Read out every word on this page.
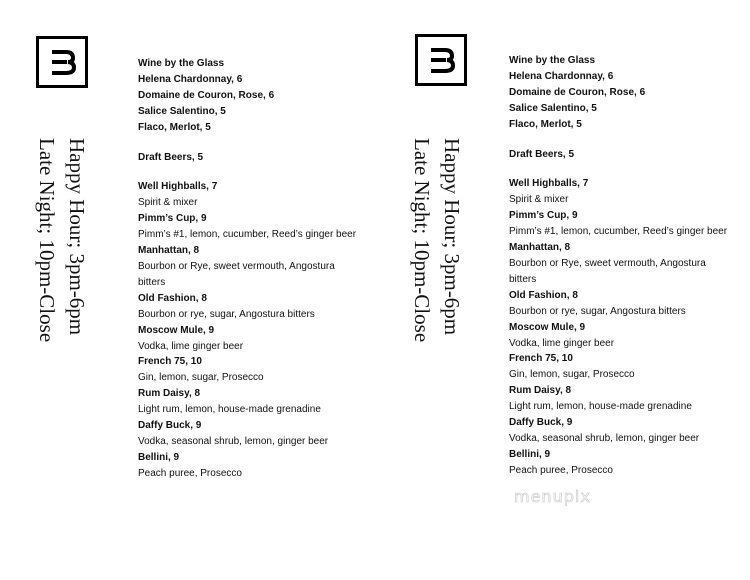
Happy Hour; 3pm-6pm
Late Night; 10pm-Close
Wine by the Glass
Helena Chardonnay, 6
Domaine de Couron, Rose, 6
Salice Salentino, 5
Flaco, Merlot, 5
Draft Beers, 5
Well Highballs, 7
Spirit & mixer
Pimm’s Cup, 9
Pimm’s #1, lemon, cucumber, Reed’s ginger beer
Manhattan, 8
Bourbon or Rye, sweet vermouth, Angostura bitters
Old Fashion, 8
Bourbon or rye, sugar, Angostura bitters
Moscow Mule, 9
Vodka, lime ginger beer
French 75, 10
Gin, lemon, sugar, Prosecco
Rum Daisy, 8
Light rum, lemon, house-made grenadine
Daffy Buck, 9
Vodka, seasonal shrub, lemon, ginger beer
Bellini, 9
Peach puree, Prosecco
Happy Hour; 3pm-6pm
Late Night; 10pm-Close
Wine by the Glass
Helena Chardonnay, 6
Domaine de Couron, Rose, 6
Salice Salentino, 5
Flaco, Merlot, 5
Draft Beers, 5
Well Highballs, 7
Spirit & mixer
Pimm’s Cup, 9
Pimm’s #1, lemon, cucumber, Reed’s ginger beer
Manhattan, 8
Bourbon or Rye, sweet vermouth, Angostura bitters
Old Fashion, 8
Bourbon or rye, sugar, Angostura bitters
Moscow Mule, 9
Vodka, lime ginger beer
French 75, 10
Gin, lemon, sugar, Prosecco
Rum Daisy, 8
Light rum, lemon, house-made grenadine
Daffy Buck, 9
Vodka, seasonal shrub, lemon, ginger beer
Bellini, 9
Peach puree, Prosecco
menupix
